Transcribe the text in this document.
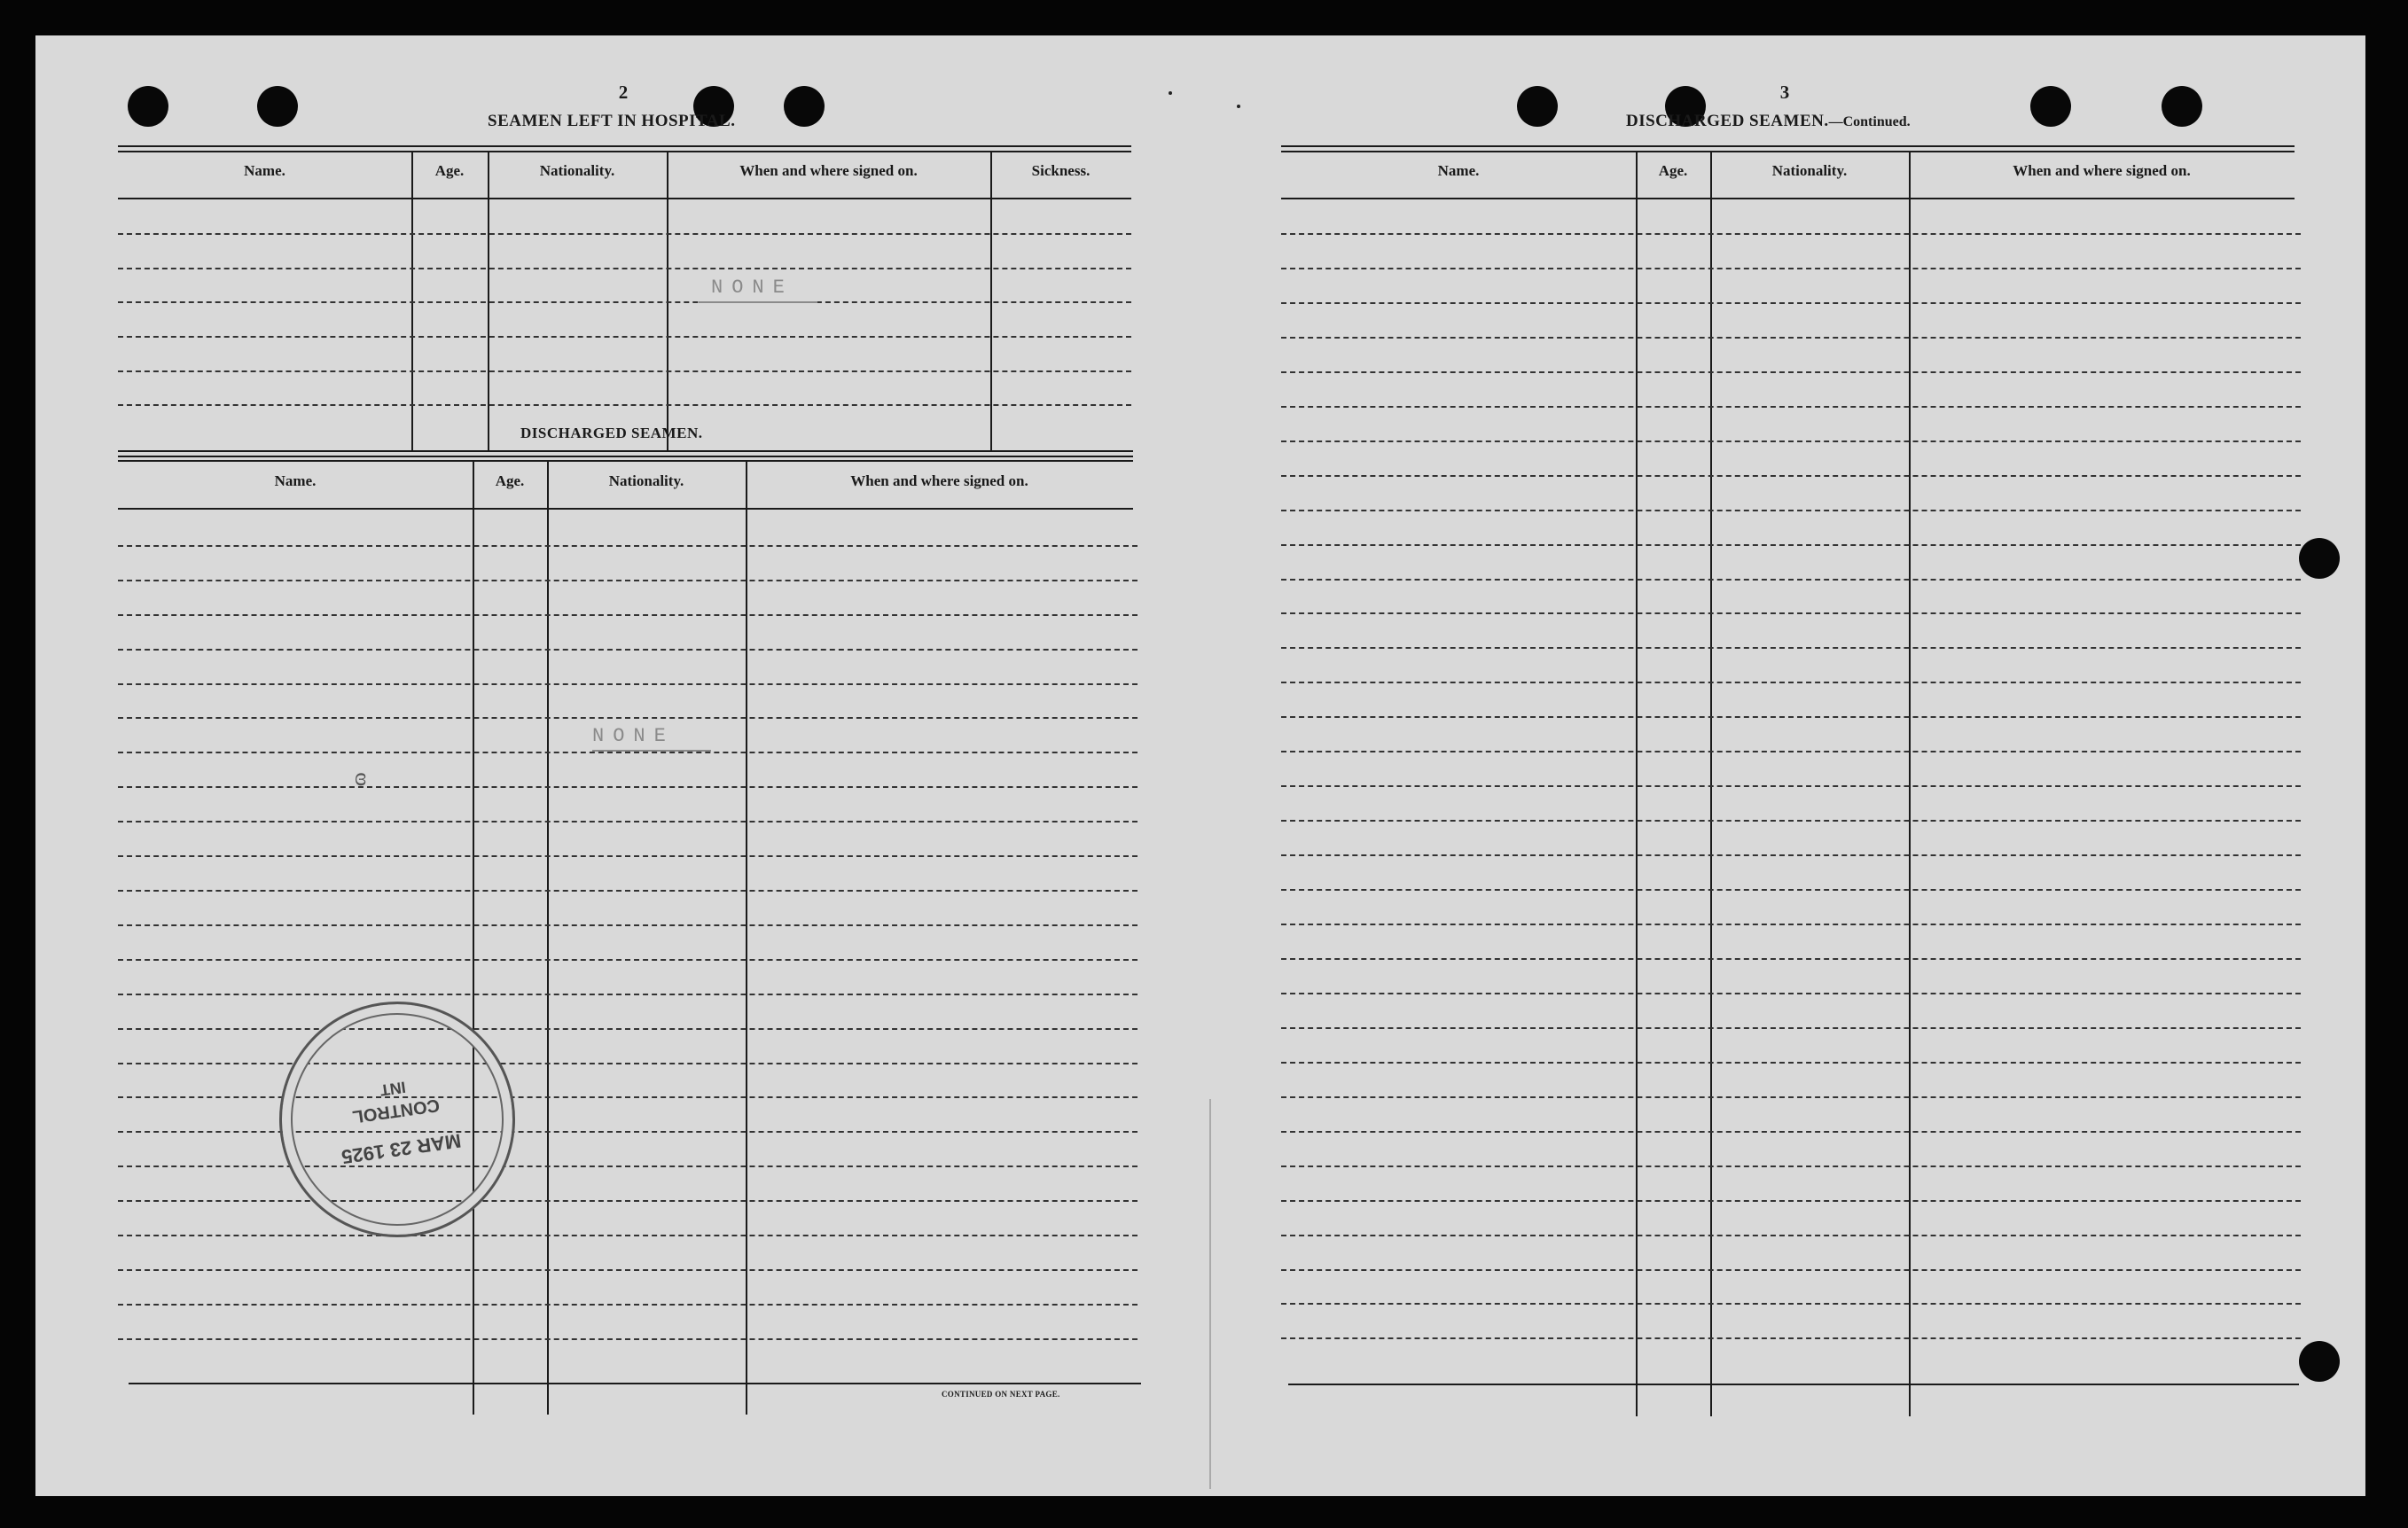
2
SEAMEN LEFT IN HOSPITAL.
Name.	Age.	Nationality.	When and where signed on.	Sickness.
NONE
DISCHARGED SEAMEN.
Name.	Age.	Nationality.	When and where signed on.
NONE
ɞ
MAR 23 1925
CONTROL
INT
CONTINUED ON NEXT PAGE.
3
DISCHARGED SEAMEN.—Continued.
Name.	Age.	Nationality.	When and where signed on.
